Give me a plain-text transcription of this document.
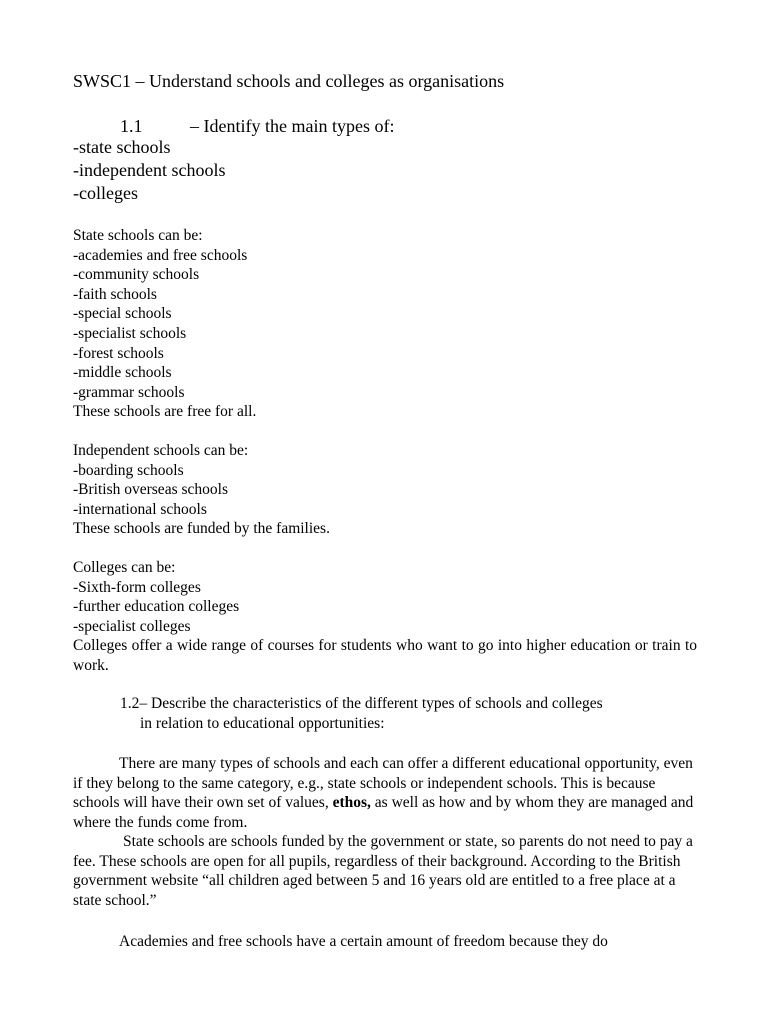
SWSC1 – Understand schools and colleges as organisations
1.1	– Identify the main types of:
-state schools
-independent schools
-colleges
State schools can be:
-academies and free schools
-community schools
-faith schools
-special schools
-specialist schools
-forest schools
-middle schools
-grammar schools
These schools are free for all.
Independent schools can be:
-boarding schools
-British overseas schools
-international schools
These schools are funded by the families.
Colleges can be:
-Sixth-form colleges
-further education colleges
-specialist colleges
Colleges offer a wide range of courses for students who want to go into higher education or train to work.
1.2– Describe the characteristics of the different types of schools and colleges
in relation to educational opportunities:

There are many types of schools and each can offer a different educational opportunity, even if they belong to the same category, e.g., state schools or independent schools. This is because schools will have their own set of values, ethos, as well as how and by whom they are managed and where the funds come from.

State schools are schools funded by the government or state, so parents do not need to pay a fee. These schools are open for all pupils, regardless of their background. According to the British government website “all children aged between 5 and 16 years old are entitled to a free place at a state school.”

Academies and free schools have a certain amount of freedom because they do
